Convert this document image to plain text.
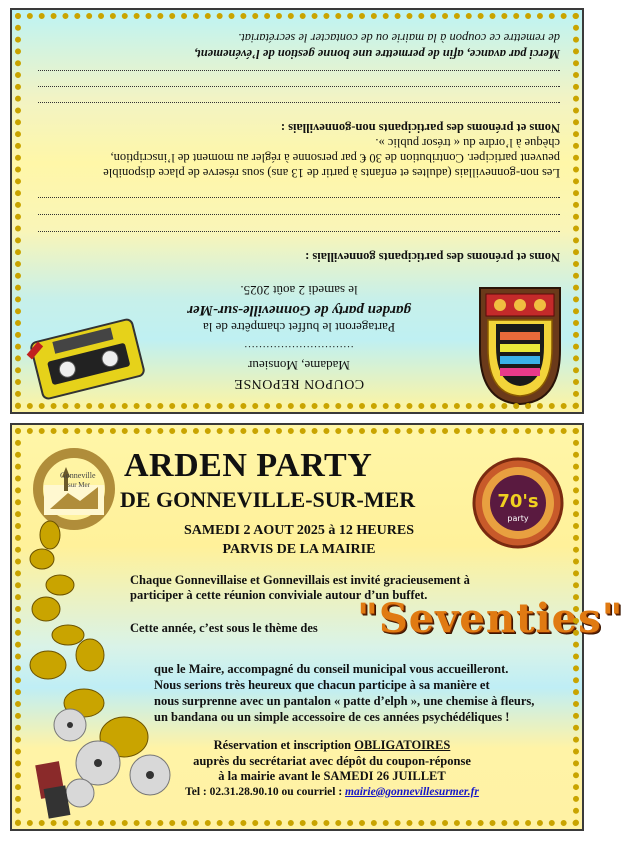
COUPON REPONSE
Madame, Monsieur
…………………………
Partageront le buffet champêtre de la
garden party de Gonneville-sur-Mer
le samedi 2 août 2025.
Noms et prénoms des participants gonnevillais :
Les non-gonnevillais (adultes et enfants à partir de 13 ans) sous réserve de place disponible
peuvent participer. Contribution de 30 € par personne à régler au moment de l’inscription,
chèque à l’ordre du « trésor public ».
Noms et prénoms des participants non-gonnevillais :
Merci par avance, afin de permettre une bonne gestion de l’événement,
de remettre ce coupon à la mairie ou de contacter le secrétariat.
Gonneville
sur Mer
ARDEN PARTY
DE GONNEVILLE-SUR-MER	70's
party
SAMEDI 2 AOUT 2025 à 12 HEURES
PARVIS DE LA MAIRIE
Chaque Gonnevillaise et Gonnevillais est invité gracieusement à
participer à cette réunion conviviale autour d’un buffet.
Cette année, c’est sous le thème des "Seventies"
que le Maire, accompagné du conseil municipal vous accueilleront.
Nous serions très heureux que chacun participe à sa manière et
nous surprenne avec un pantalon « patte d’elph », une chemise à fleurs,
un bandana ou un simple accessoire de ces années psychédéliques !
Réservation et inscription OBLIGATOIRES
auprès du secrétariat avec dépôt du coupon-réponse
à la mairie avant le SAMEDI 26 JUILLET
Tel : 02.31.28.90.10 ou courriel : mairie@gonnevillesurmer.fr
